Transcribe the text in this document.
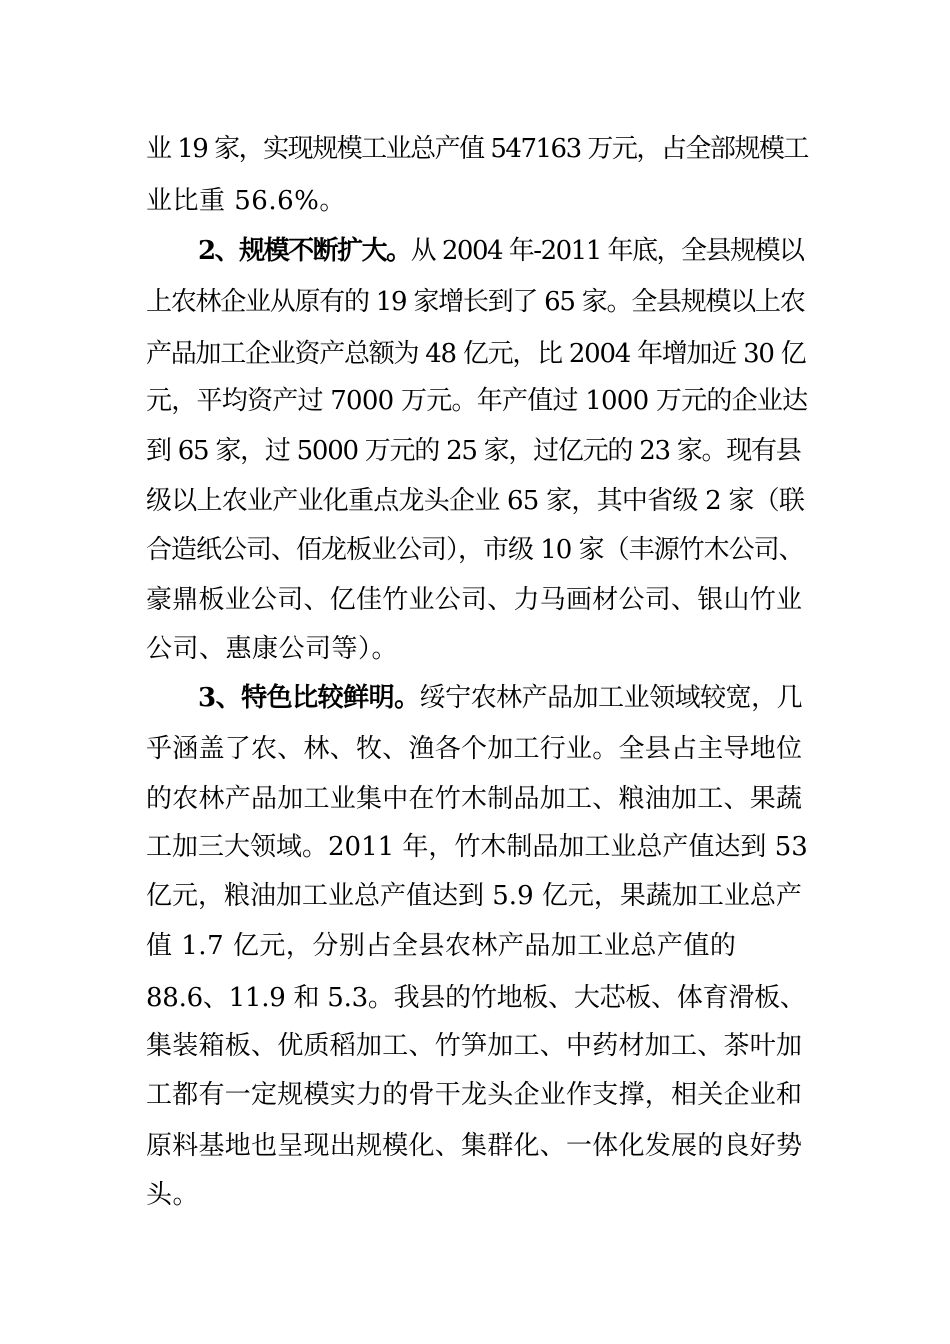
业 19 家，实现规模工业总产值 547163 万元，占全部规模工
业比重 56.6%。
2、规模不断扩大。从 2004 年-2011 年底，全县规模以
上农林企业从原有的 19 家增长到了 65 家。全县规模以上农
产品加工企业资产总额为 48 亿元，比 2004 年增加近 30 亿
元，平均资产过 7000 万元。年产值过 1000 万元的企业达
到 65 家，过 5000 万元的 25 家，过亿元的 23 家。现有县
级以上农业产业化重点龙头企业 65 家，其中省级 2 家（联
合造纸公司、佰龙板业公司），市级 10 家（丰源竹木公司、
豪鼎板业公司、亿佳竹业公司、力马画材公司、银山竹业
公司、惠康公司等）。
3、特色比较鲜明。绥宁农林产品加工业领域较宽，几
乎涵盖了农、林、牧、渔各个加工行业。全县占主导地位
的农林产品加工业集中在竹木制品加工、粮油加工、果蔬
工加三大领域。2011 年，竹木制品加工业总产值达到 53
亿元，粮油加工业总产值达到 5.9 亿元，果蔬加工业总产
值 1.7 亿元，分别占全县农林产品加工业总产值的
88.6、11.9 和 5.3。我县的竹地板、大芯板、体育滑板、
集装箱板、优质稻加工、竹笋加工、中药材加工、茶叶加
工都有一定规模实力的骨干龙头企业作支撑，相关企业和
原料基地也呈现出规模化、集群化、一体化发展的良好势
头。
